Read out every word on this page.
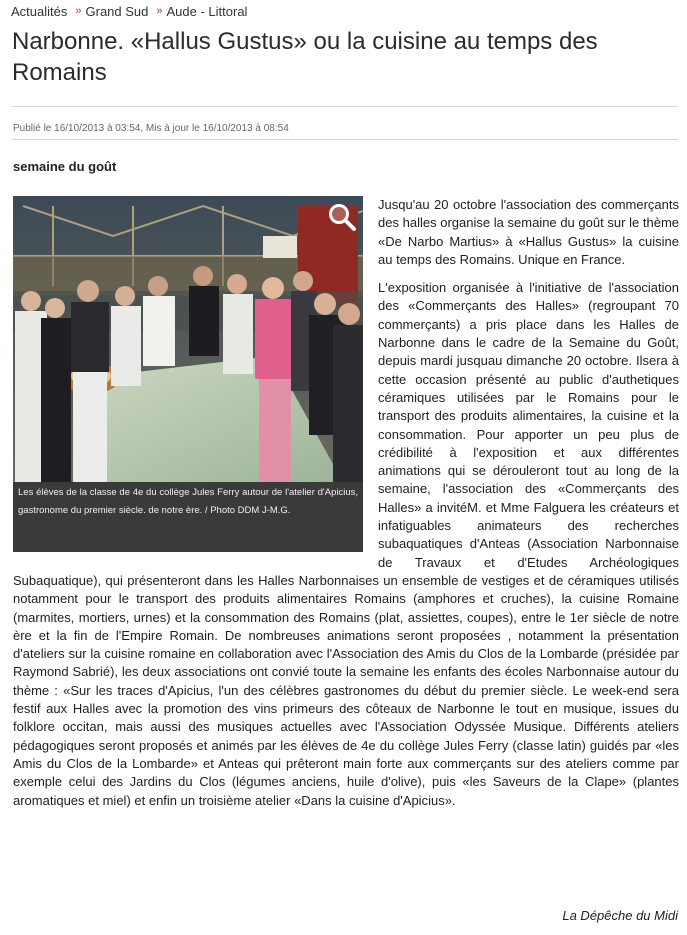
Actualités » Grand Sud » Aude - Littoral
Narbonne. «Hallus Gustus» ou la cuisine au temps des Romains
Publié le 16/10/2013 à 03:54, Mis à jour le 16/10/2013 à 08:54
semaine du goût
Les élèves de la classe de 4e du collège Jules Ferry autour de l'atelier d'Apicius, gastronome du premier siècle. de notre ère. / Photo DDM J-M.G.

Jusqu'au 20 octobre l'association des commerçants des halles organise la semaine du goût sur le thème «De Narbo Martius» à «Hallus Gustus» la cuisine au temps des Romains. Unique en France.

L'exposition organisée à l'initiative de l'association des «Commerçants des Halles» (regroupant 70 commerçants) a pris place dans les Halles de Narbonne dans le cadre de la Semaine du Goût, depuis mardi jusquau dimanche 20 octobre. Ilsera à cette occasion présenté au public d'authetiques céramiques utilisées par le Romains pour le transport des produits alimentaires, la cuisine et la consommation. Pour apporter un peu plus de crédibilité à l'exposition et aux différentes animations qui se dérouleront tout au long de la semaine, l'association des «Commerçants des Halles» a invitéM. et Mme Falguera les créateurs et infatiguables animateurs des recherches subaquatiques d'Anteas (Association Narbonnaise de Travaux et d'Etudes Archéologiques Subaquatique), qui présenteront dans les Halles Narbonnaises un ensemble de vestiges et de céramiques utilisés notamment pour le transport des produits alimentaires Romains (amphores et cruches), la cuisine Romaine (marmites, mortiers, urnes) et la consommation des Romains (plat, assiettes, coupes), entre le 1er siècle de notre ère et la fin de l'Empire Romain. De nombreuses animations seront proposées , notamment la présentation d'ateliers sur la cuisine romaine en collaboration avec l'Association des Amis du Clos de la Lombarde (présidée par Raymond Sabrié), les deux associations ont convié toute la semaine les enfants des écoles Narbonnaise autour du thème : «Sur les traces d'Apicius, l'un des célèbres gastronomes du début du premier siècle. Le week-end sera festif aux Halles avec la promotion des vins primeurs des côteaux de Narbonne le tout en musique, issues du folklore occitan, mais aussi des musiques actuelles avec l'Association Odyssée Musique. Différents ateliers pédagogiques seront proposés et animés par les élèves de 4e du collège Jules Ferry (classe latin) guidés par «les Amis du Clos de la Lombarde» et Anteas qui prêteront main forte aux commerçants sur des ateliers comme par exemple celui des Jardins du Clos (légumes anciens, huile d'olive), puis «les Saveurs de la Clape» (plantes aromatiques et miel) et enfin un troisième atelier «Dans la cuisine d'Apicius».

La Dépêche du Midi
